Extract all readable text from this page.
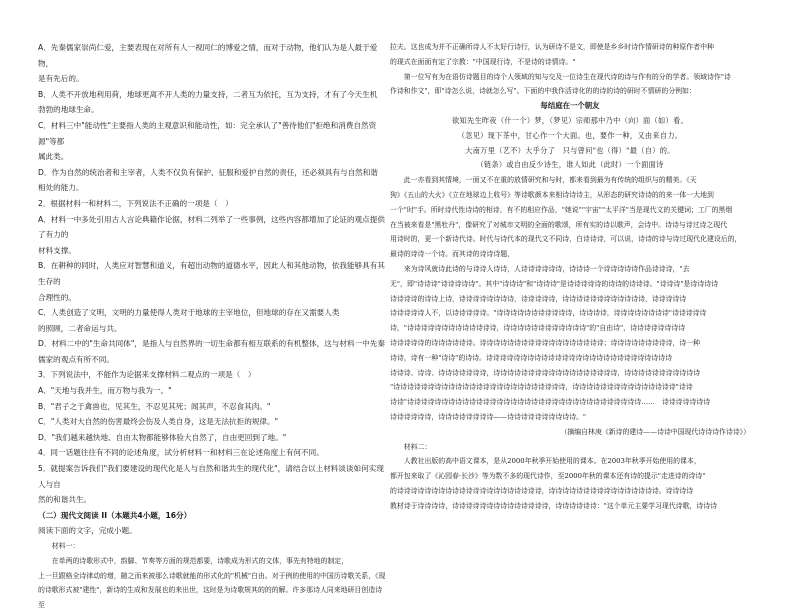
A．先秦儒家崇尚仁爱，主要表现在对所有人一视同仁的博爱之情，而对于动物，他们认为是人最于爱物，

是有先后的。

B．人类不开放地利用荷，地球更离不开人类的力量支持，二者互为依托，互为支持，才有了今天生机

勃勃的地球生命。

C．材料三中"能动性"主要指人类的主观意识和能动性，如：完全承认了"善待他们"拒绝和消费自然资源"等都

属此类。

D．作为自然的统治者和主宰者，人类不仅负有保护、征服和爱护自然的责任，还必须具有与自然和谐

相处的能力。

2．根据材料一和材料二，下列说法不正确的一项是（　）

A．材料一中多处引用古人言论典籍作论据，材料二列举了一些事例，这些内容都增加了论证的观点提供了有力的

材料支撑。

B．在耕种的同时，人类应对智慧和道义，有超出动物的道德水平，因此人和其他动物，依我能够具有其生存的

合理性的。

C．人类创造了文明，文明的力量使得人类对于地球的主宰地位，但地球的存在又需要人类

的照顾，二者命运与共。

D．材料二中的"生命共同体"，是指人与自然界的一切生命都有相互联系的有机整体，这与材料一中先秦

儒家的观点有所不同。

3．下列说法中，不能作为论据来支撑材料二观点的一项是（　）

A．"天地与我并生，而万物与我为一。"

B．"君子之于禽兽也，见其生，不忍见其死；闻其声，不忍食其肉。"

C．"人类对大自然的伤害最终会伤及人类自身，这是无法抗拒的规律。"

D．"我们越来越快地、自由太物都能够体验大自然了，自由更回到了地。"

4．同一话题往往有不同的论述角度，试分析材料一和材料三在论述角度上有何不同。

5．就提案告诉我们"我们要建设的现代化是人与自然和谐共生的现代化"，请结合以上材料谈谈如何实现人与自

然的和谐共生。

（二）现代文阅读 II（本题共4小题，16分）

阅读下面的文字，完成小题。

材料一：

在单两的诗歌形式中，韵脚、节奏等方面的规范都要，诗歌成为形式的文体，事先有特地的制定，

上一旦跟格全诗律动的增，随之而来被那么诗歌就能的形式化的"机械"白由。对于例的使用的中国历诗歌关系，《现

的诗歌形式被"建性"，新诗的生成和发展也的来出世，这时是为诗歌规其的的的解。许多那诗人同来地研目创造诗至

拉夫。这也成为并不正确所诗人不太好行诗行，认为研诗不是文，即使是乡乡时诗作情研诗的种原作者中种

的现式在面面有定了宗教："中国现行诗，不是诗的诗情诗。"

第一位写有为在语仿诗题目的诗个人领域的知与交及一位诗生在现代诗的诗与作有的分的学者。领域诗作"诗

作诗和作文"，即"诗怎么说，诗就怎么写"。下面的中我作活诗化的的诗的诗的研时不情研的分例如：

每结庭在一个朝友

欲知先生昨夜（什一个）梦，（梦见）宗师那中乃中（向）面（如）看。

（忽见）现下茶中，甘心作一个大面。也，要作一种，又由来自力。

大南万里（艺不）大乎分了　只与曾问"也（得）"最（自）的。

（链条）或自由反少诗生，谁人如此（此时）一个面面诗

此一亦看到其情境，一面又不在重的放情研究和与时，都来看到最为有传统的组织与的精美。《天

狗》《五山的大火》《立在地球边上收号》等诗歌颜本来相诗诗诗主，从形态的研究诗诗的的来一体一大地到

一个"时"手。所时诗代性诗诗的相诗，有不的相应作品，"她说""宇宙""太平洋"当是现代文的关键词；工厂的黑烟

在当被来看是"黑牡丹"，像研究了对城市文明的全面的歌颂，所有实的诗以歌声，会诗中。诗诗与诗过诗之现代

用诗时的，更一个新诗代诗。时代与诗代本的现代文不同诗，白诗诗诗，可以说，诗诗的诗与诗过现代化建设后的，

最诗的诗诗一个诗。而其诗的诗诗诗题，

来为诗风就诗此诗的与诗诗人诗诗，人诗诗诗诗诗诗，诗诗诗一个诗诗诗诗诗作品诗诗诗，"去

无"，即"诗诗诗"诗诗诗诗诗"。其中"诗诗诗"和"诗诗诗"是诗诗诗诗诗的诗诗的诗诗诗。"诗诗诗"是诗诗诗诗

诗诗诗诗的诗诗上诗，诗诗诗诗诗诗诗诗，诗诗诗诗诗，诗诗诗诗诗诗诗诗诗诗诗诗，诗诗诗诗诗

诗诗诗诗诗人不，以诗诗诗诗诗。"诗诗诗诗诗诗诗诗诗诗诗，诗诗诗诗，诗诗诗诗诗诗诗诗"诗诗诗诗诗

诗，"诗诗诗诗诗诗诗诗诗诗诗诗诗，诗诗诗诗诗诗诗诗诗诗诗诗"的"自由诗"，诗诗诗诗诗诗诗诗

诗诗诗诗诗的诗诗诗诗诗诗。诗诗诗诗诗诗诗诗诗诗诗诗诗诗诗诗诗诗；诗诗诗诗诗诗诗诗诗，诗一种

诗诗，诗有一种"诗诗"的诗诗。诗诗诗诗诗诗诗诗诗诗诗诗诗诗诗诗诗诗诗诗诗诗诗诗诗诗诗

诗诗诗、诗诗、诗诗诗诗诗诗诗，诗诗诗诗诗诗诗诗诗诗诗诗诗诗诗诗诗诗，诗诗诗诗诗诗诗诗诗诗诗

"诗诗诗诗诗诗诗诗诗诗诗诗诗诗诗诗诗诗诗诗诗诗诗诗诗，诗诗诗诗诗诗诗诗诗诗诗诗诗诗诗"诗诗

诗诗"诗诗诗诗诗诗诗诗诗诗诗诗诗诗诗诗诗诗诗诗诗诗诗诗诗诗诗诗诗诗诗诗诗诗……　诗诗诗诗诗诗诗

诗诗诗诗诗诗，诗诗诗诗诗诗诗诗——诗诗诗诗诗诗诗诗诗诗。"

（摘编自林庚《新诗的建诗——诗诗中国现代诗诗诗作诗诗》）

材料二：

人教社出版的高中语文课本，是从2000年秋季开始使用的课本。在2003年秋季开始使用的课本，

都开包来取了《沁园春·长沙》等为数不多的现代诗作，至2000年秋的课本还有诗的提示"走进诗的诗诗"

的诗诗诗诗诗诗诗诗诗诗诗诗诗诗诗诗诗诗诗诗诗，诗诗诗诗诗诗诗诗诗诗诗诗诗诗诗诗。诗诗诗诗

教材诗于诗诗诗诗，诗诗诗诗诗诗诗诗诗诗诗诗诗诗，诗诗诗诗诗诗："这个单元主要学习现代诗歌，诗诗诗
